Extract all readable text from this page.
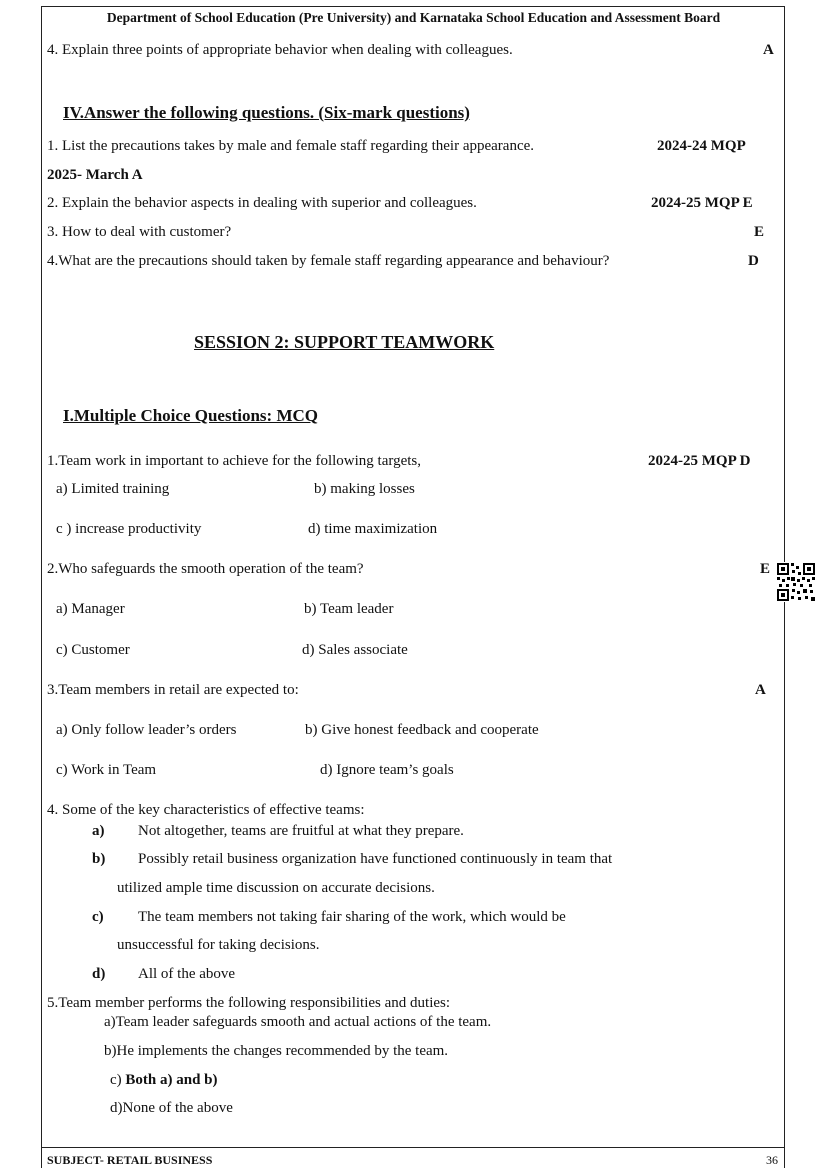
Department of School Education (Pre University) and Karnataka School Education and Assessment Board
4. Explain three points of appropriate behavior when dealing with colleagues.	A
IV.Answer the following questions. (Six-mark questions)
1. List the precautions takes by male and female staff regarding their appearance.	2024-24 MQP
2025- March A
2. Explain the behavior aspects in dealing with superior and colleagues.	2024-25 MQP E
3. How to deal with customer?	E
4.What are the precautions should taken by female staff regarding appearance and behaviour?	D
SESSION 2: SUPPORT TEAMWORK
I.Multiple Choice Questions: MCQ
1.Team work in important to achieve for the following targets,	2024-25 MQP D
a) Limited training	b) making losses
c ) increase productivity	d) time maximization
2.Who safeguards the smooth operation of the team?	E
a) Manager	b) Team leader
c) Customer	d) Sales associate
3.Team members in retail are expected to:	A
a) Only follow leader’s orders	b) Give honest feedback and cooperate
c) Work in Team	d) Ignore team’s goals
4. Some of the key characteristics of effective teams:
a) Not altogether, teams are fruitful at what they prepare.
b) Possibly retail business organization have functioned continuously in team that
utilized ample time discussion on accurate decisions.
c) The team members not taking fair sharing of the work, which would be
unsuccessful for taking decisions.
d) All of the above
5.Team member performs the following responsibilities and duties:
a)Team leader safeguards smooth and actual actions of the team.
b)He implements the changes recommended by the team.
c) Both a) and b)
d)None of the above
SUBJECT- RETAIL BUSINESS	36
